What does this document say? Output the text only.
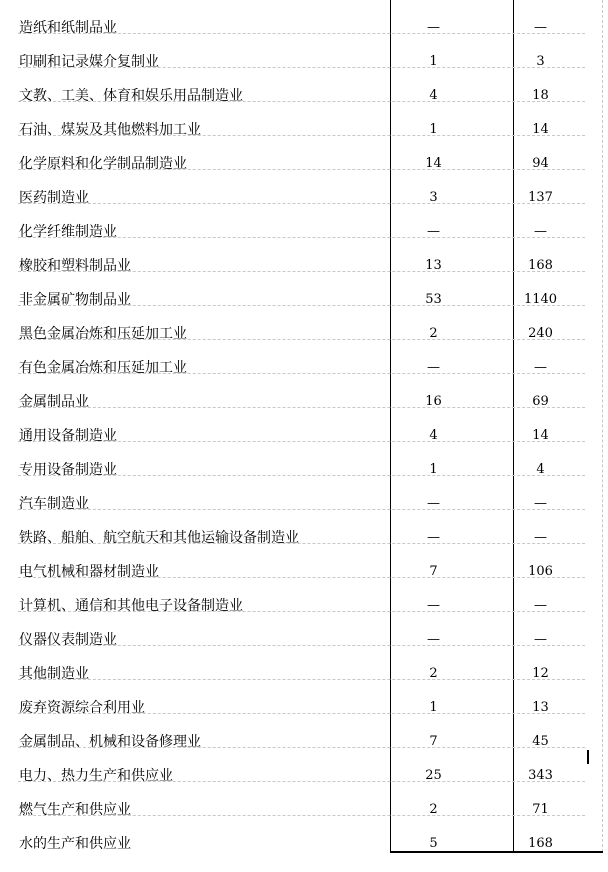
造纸和纸制品业	—	—
印刷和记录媒介复制业	1	3
文教、工美、体育和娱乐用品制造业	4	18
石油、煤炭及其他燃料加工业	1	14
化学原料和化学制品制造业	14	94
医药制造业	3	137
化学纤维制造业	—	—
橡胶和塑料制品业	13	168
非金属矿物制品业	53	1140
黑色金属冶炼和压延加工业	2	240
有色金属冶炼和压延加工业	—	—
金属制品业	16	69
通用设备制造业	4	14
专用设备制造业	1	4
汽车制造业	—	—
铁路、船舶、航空航天和其他运输设备制造业	—	—
电气机械和器材制造业	7	106
计算机、通信和其他电子设备制造业	—	—
仪器仪表制造业	—	—
其他制造业	2	12
废弃资源综合利用业	1	13
金属制品、机械和设备修理业	7	45
电力、热力生产和供应业	25	343
燃气生产和供应业	2	71
水的生产和供应业	5	168
